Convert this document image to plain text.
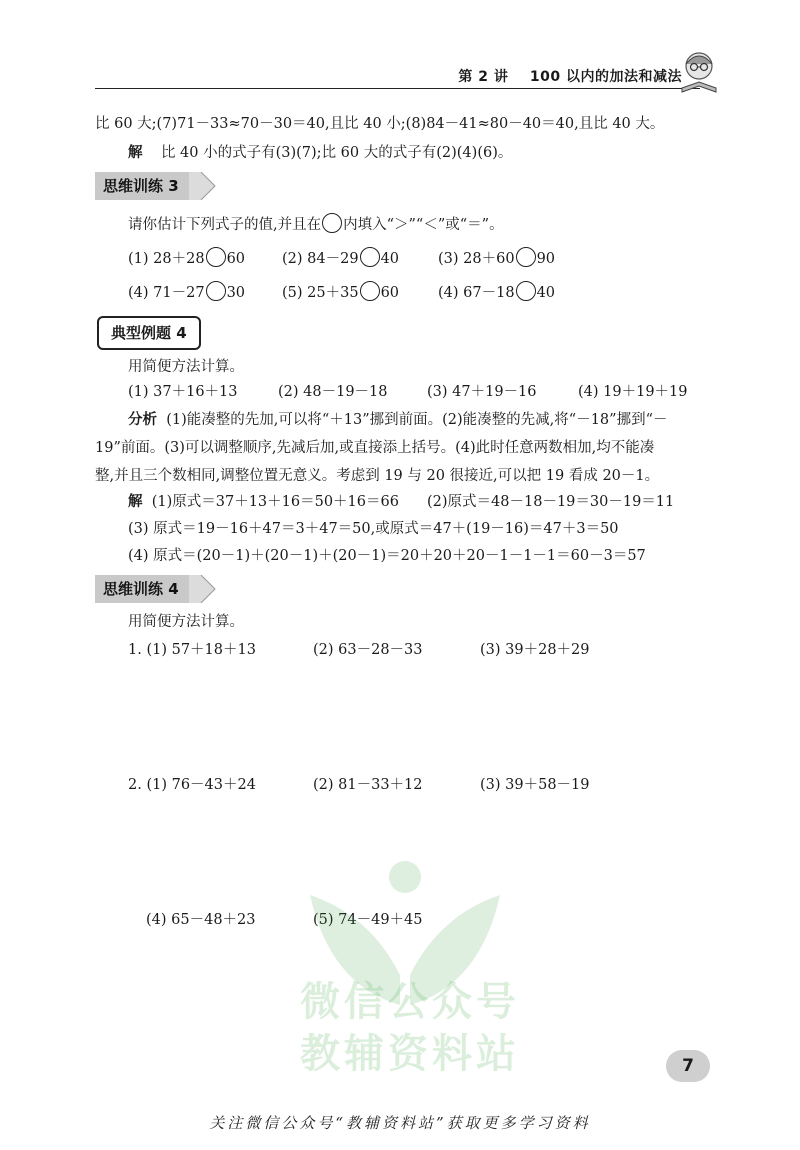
第 2 讲 100 以内的加法和减法
比 60 大;(7)71－33≈70－30＝40,且比 40 小;(8)84－41≈80－40＝40,且比 40 大。
解 比 40 小的式子有(3)(7);比 60 大的式子有(2)(4)(6)。
思维训练 3
请你估计下列式子的值,并且在 内填入“＞”“＜”或“＝”。
(1) 28＋28 60	(2) 84－29 40	(3) 28＋60 90
(4) 71－27 30	(5) 25＋35 60	(4) 67－18 40
典型例题 4
用简便方法计算。
(1) 37＋16＋13	(2) 48－19－18	(3) 47＋19－16	(4) 19＋19＋19
分析 (1)能凑整的先加,可以将“＋13”挪到前面。(2)能凑整的先减,将“－18”挪到“－
19”前面。(3)可以调整顺序,先减后加,或直接添上括号。(4)此时任意两数相加,均不能凑
整,并且三个数相同,调整位置无意义。考虑到 19 与 20 很接近,可以把 19 看成 20－1。
解 (1)原式＝37＋13＋16＝50＋16＝66 (2)原式＝48－18－19＝30－19＝11
(3) 原式＝19－16＋47＝3＋47＝50,或原式＝47＋(19－16)＝47＋3＝50
(4) 原式＝(20－1)＋(20－1)＋(20－1)＝20＋20＋20－1－1－1＝60－3＝57
思维训练 4
用简便方法计算。
1. (1) 57＋18＋13	(2) 63－28－33	(3) 39＋28＋29
2. (1) 76－43＋24	(2) 81－33＋12	(3) 39＋58－19
(4) 65－48＋23	(5) 74－49＋45
微信公众号
教辅资料站	7
关注微信公众号“教辅资料站”获取更多学习资料
